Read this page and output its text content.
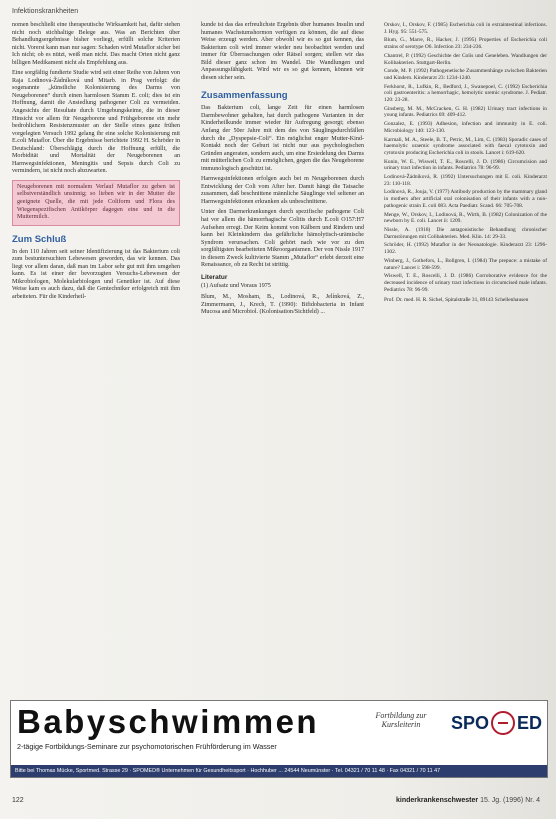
Infektionskrankheiten

nomen beschließt eine therapeutische Wirksamkeit hat, dafür stehen nicht noch stichhaltige Belege aus. Was an Berichten über Behandlungsergebnisse bisher vorliegt, erfüllt solche Kriterien nicht. Vorerst kann man nur sagen: Schaden wird Mutaflor sicher bei Ich nicht; ob es nützt, weiß man nicht. Das macht Orten nicht ganz billigen Medikament nicht als Empfehlung aus.

Eine sorgfältig fundierte Studie wird seit einer Reihe von Jahren von Raja Lodinová-Žádníková und Mitarb. in Prag verfolgt: die sogenannte „künstliche Kolonisierung des Darms von Neugeborenen“ durch einen harmlosen Stamm E. coli; dies ist ein Hoffnung, damit die Ansiedlung pathogener Coli zu vermeiden. Angesichts der Resultate durch Umgebungskeime, die in dieser Hinsicht vor allem für Neugeborene und Frühgeborene ein mehr bedrohlichem Resistenzmuster an der Stelle eines ganz frühen vorgelegten Versuch 1992 gelang ihr eine solche Kolonisierung mit E.coli Mutaflor. Über die Ergebnisse berichtete 1992 H. Schröder in Deutschland: Überschlägig durch die Hoffnung erfüllt, die Morbidität und Mortalität der Neugeborenen an Harnwegsinfektionen, Meningitis und Sepsis durch Coli zu vermindern, ist nicht noch abzuwarten.

Neugeborenen mit normalem Verlauf Mutaflor zu geben ist selbstverständlich unsinnig; so lieben wir in der Mutter die geeignete Quelle, die mit jede Coliform und Flora des Wiegenspezifischen Antikörper dagegen eine und in die Muttermilch.
Zum Schluß

In den 110 Jahren seit seiner Identifizierung ist das Bakterium coli zum bestuntersuchten Lebewesen geworden, das wir kennen. Das liegt vor allem daran, daß man im Labor sehr gut mit ihm umgehen kann. Es ist einer der bevorzugten Versuchs-Lebewesen der Mikrobiologen, Molekularbiologen und Genetiker ist. Auf diese Weise kam es auch dazu, daß die Gentechniker erfolgreich mit ihm arbeiteten. Für die Kinderheil-

kunde ist das das erfreulichste Ergebnis über humanes Insulin und humanes Wachstumshormon verfügen zu können, die auf diese Weise erzeugt werden. Aber obwohl wir es so gut kennen, das Bakterium coli wird immer wieder neu beobachtet werden und immer für Überraschungen oder Rätsel sorgen; stellen wir das Bild dieser ganz schon im Wandel. Die Wandlungen und Anpassungsfähigkeit. Wird wir es so gut kennen, können wir diesen sicher sein.

Zusammenfassung

Das Bakterium coli, lange Zeit für einen harmlosen Darmbewohner gehalten, hat durch pathogene Varianten in der Kinderheilkunde immer wieder für Aufregung gesorgt; ebenso Anfang der 50er Jahre mit dem des von Säuglingsdurchfällen durch die „Dyspepsie-Coli“. Ein möglichst enger Mutter-Kind-Kontakt noch der Geburt ist nicht nur aus psychologischen Gründen angeraten, sondern auch, um eine Ersiedelung des Darms mit mütterlichen Coli zu ermöglichen, gegen die das Neugeborene immunologisch geschützt ist.

Harnwegsinfektionen erfolgen auch bei m Neugeborenen durch Entwicklung der Coli vom After her. Damit hängt die Tatsache zusammen, daß beschnittene männliche Säuglinge viel seltener an Harnwegsinfektionen erkranken als unbeschnittene.

Unter den Darmerkrankungen durch spezifische pathogene Coli hat vor allem die hämorrhagische Colitis durch E.coli O157:H7 Aufsehen erregt. Der Keim kommt von Kälbern und Rindern und kann bei Kleinkindern das gefährliche hämolytisch-urämische Syndrom verursachen. Coli gehört nach wie vor zu den sorgfältigsten bearbeiteten Mikroorganismen. Der von Nissle 1917 in diesem Zweck kultivierte Stamm „Mutaflor“ erlebt derzeit eine Renaissance, ob zu Recht ist strittig.

Literatur

(1) Aufsatz und Voraus 1975

Blum, M., Mosham, B., Lodinová, R., Jelínková, Z., Zimmermann, J., Krech, T. (1990): Bifidobacteria in Infant Mucosa and Microbiol. (Kolonisation/Sichtfeld) ...

Orskov, I., Orskov, F. (1985) Escherichia coli in extraintestinal infections. J. Hyg. 95: 551-575.

Blum, G., Marre, R., Hacker, J. (1995) Properties of Escherichia coli strains of serotype O6. Infection 23: 234-236.

Chantrel, P. (1992) Geschichte der Colis und Geneleben. Wandlungen der Kolibakterien. Stuttgart-Berlin.

Conde, M. P. (1992) Pathogenetische Zusammenhänge zwischen Bakterien und Kindern. Kinderarzt 23: 1234-1240.

Ferkhorst, R., Lufkin, R., Bedford, J., Swanepoel, C. (1992) Escherichia coli gastroenteritis: a hemorrhagic, hemolytic uremic syndrome. J. Pediatr. 120: 23-28.

Ginsberg, M. M., McCracken, G. H. (1982) Urinary tract infections in young infants. Pediatrics 69: 409-412.

Gonzalez, E. (1993) Adhesion, infection and immunity in E. coli. Microbiology 140: 123-130.

Karmali, M. A., Steele, B. T., Petric, M., Lim, C. (1983) Sporadic cases of haemolytic uraemic syndrome associated with faecal cytotoxin and cytotoxin producing Escherichia coli in stools. Lancet i: 619-620.

Kunin, W. E., Wiswell, T. E., Roscelli, J. D. (1986) Circumcision and urinary tract infection in infants. Pediatrics 78: 96-99.

Lodinová-Žádníková, R. (1992) Untersuchungen mit E. coli. Kinderarzt 23: 110-118.

Lodinová, R., Jouja, V. (1977) Antibody production by the mammary gland in mothers after artificial oral colonisation of their infants with a non-pathogenic strain E. coli 083. Acta Paediatr. Scand. 66: 705-708.

Menge, W., Orskov, I., Lodinová, R., Wirth, B. (1982) Colonization of the newborn by E. coli. Lancet ii: 1209.

Nissle, A. (1918) Die antagonistische Behandlung chronischer Darmstörungen mit Colibakterien. Med. Klin. 14: 29-33.

Schröder, H. (1992) Mutaflor in der Neonatologie. Kinderarzt 23: 1296-1302.

Winberg, J., Gothefors, L., Bollgren, I. (1984) The prepuce: a mistake of nature? Lancet i: 598-599.

Wiswell, T. E., Roscelli, J. D. (1986) Corroborative evidence for the decreased incidence of urinary tract infections in circumcised male infants. Pediatrics 78: 96-99.

Prof. Dr. med. H. R. Sichel, Spitalstraße 31, 89143 Schellenhausen

Babyschwimmen
2-tägige Fortbildungs-Seminare zur psychomotorischen Frühförderung im Wasser
Fortbildung zur Kursleiterin	SPO ED
Bitte bei Thomas Mücke, Sportmed. Strasse 29 · SPOMED® Unternehmen für Gesundheitssport · Hochhuber ... 24544 Neumünster · Tel. 04321 / 70 11 48 · Fax 04321 / 70 11 47
122	kinderkrankenschwester 15. Jg. (1996) Nr. 4
